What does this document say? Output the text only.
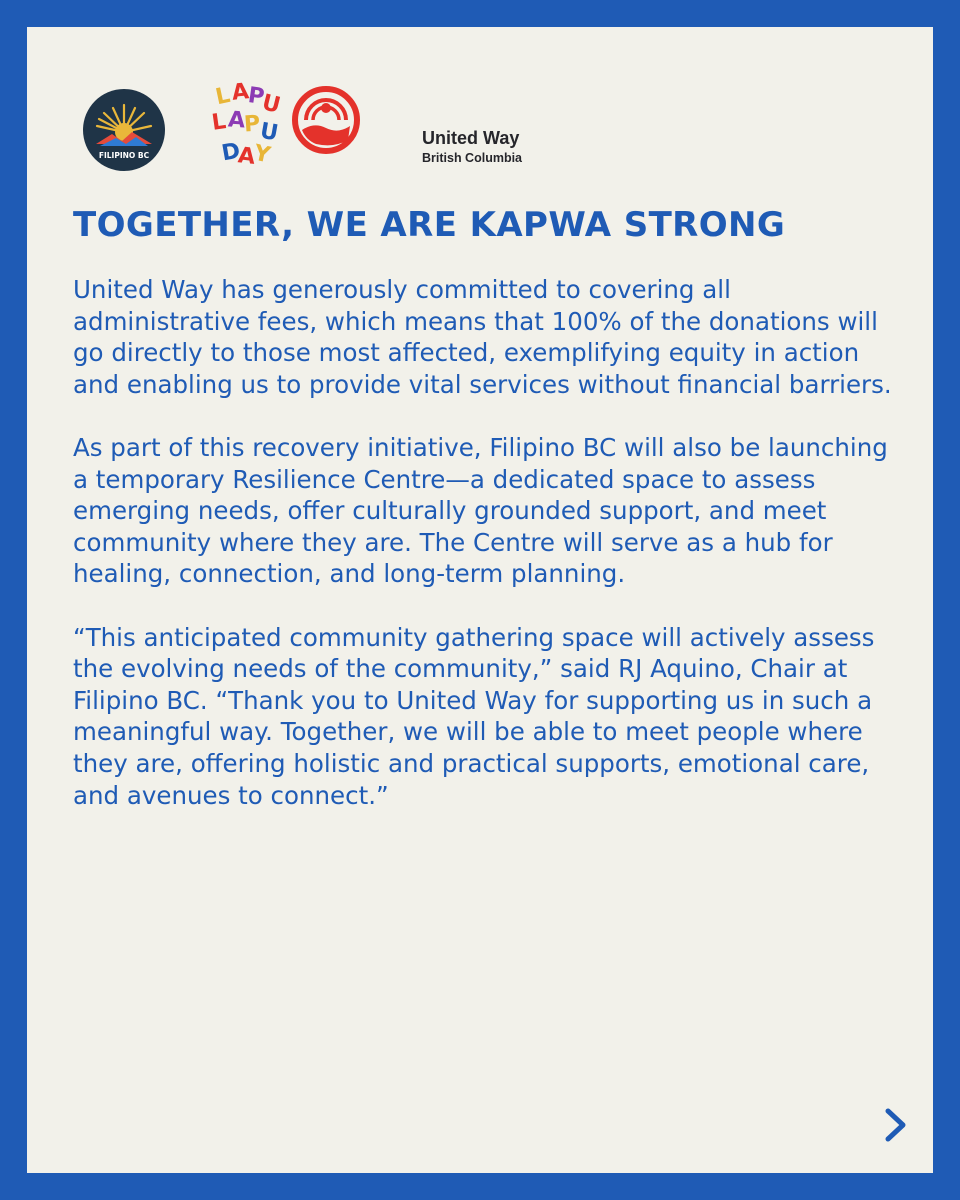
FILIPINO BC
L
A
P
U
L A
P
U
D
A
Y
United Way
British Columbia
TOGETHER, WE ARE KAPWA STRONG

United Way has generously committed to covering all administrative fees, which means that 100% of the donations will go directly to those most affected, exemplifying equity in action and enabling us to provide vital services without financial barriers.

As part of this recovery initiative, Filipino BC will also be launching a temporary Resilience Centre—a dedicated space to assess emerging needs, offer culturally grounded support, and meet community where they are. The Centre will serve as a hub for healing, connection, and long-term planning.

“This anticipated community gathering space will actively assess the evolving needs of the community,” said RJ Aquino, Chair at Filipino BC. “Thank you to United Way for supporting us in such a meaningful way. Together, we will be able to meet people where they are, offering holistic and practical supports, emotional care, and avenues to connect.”
